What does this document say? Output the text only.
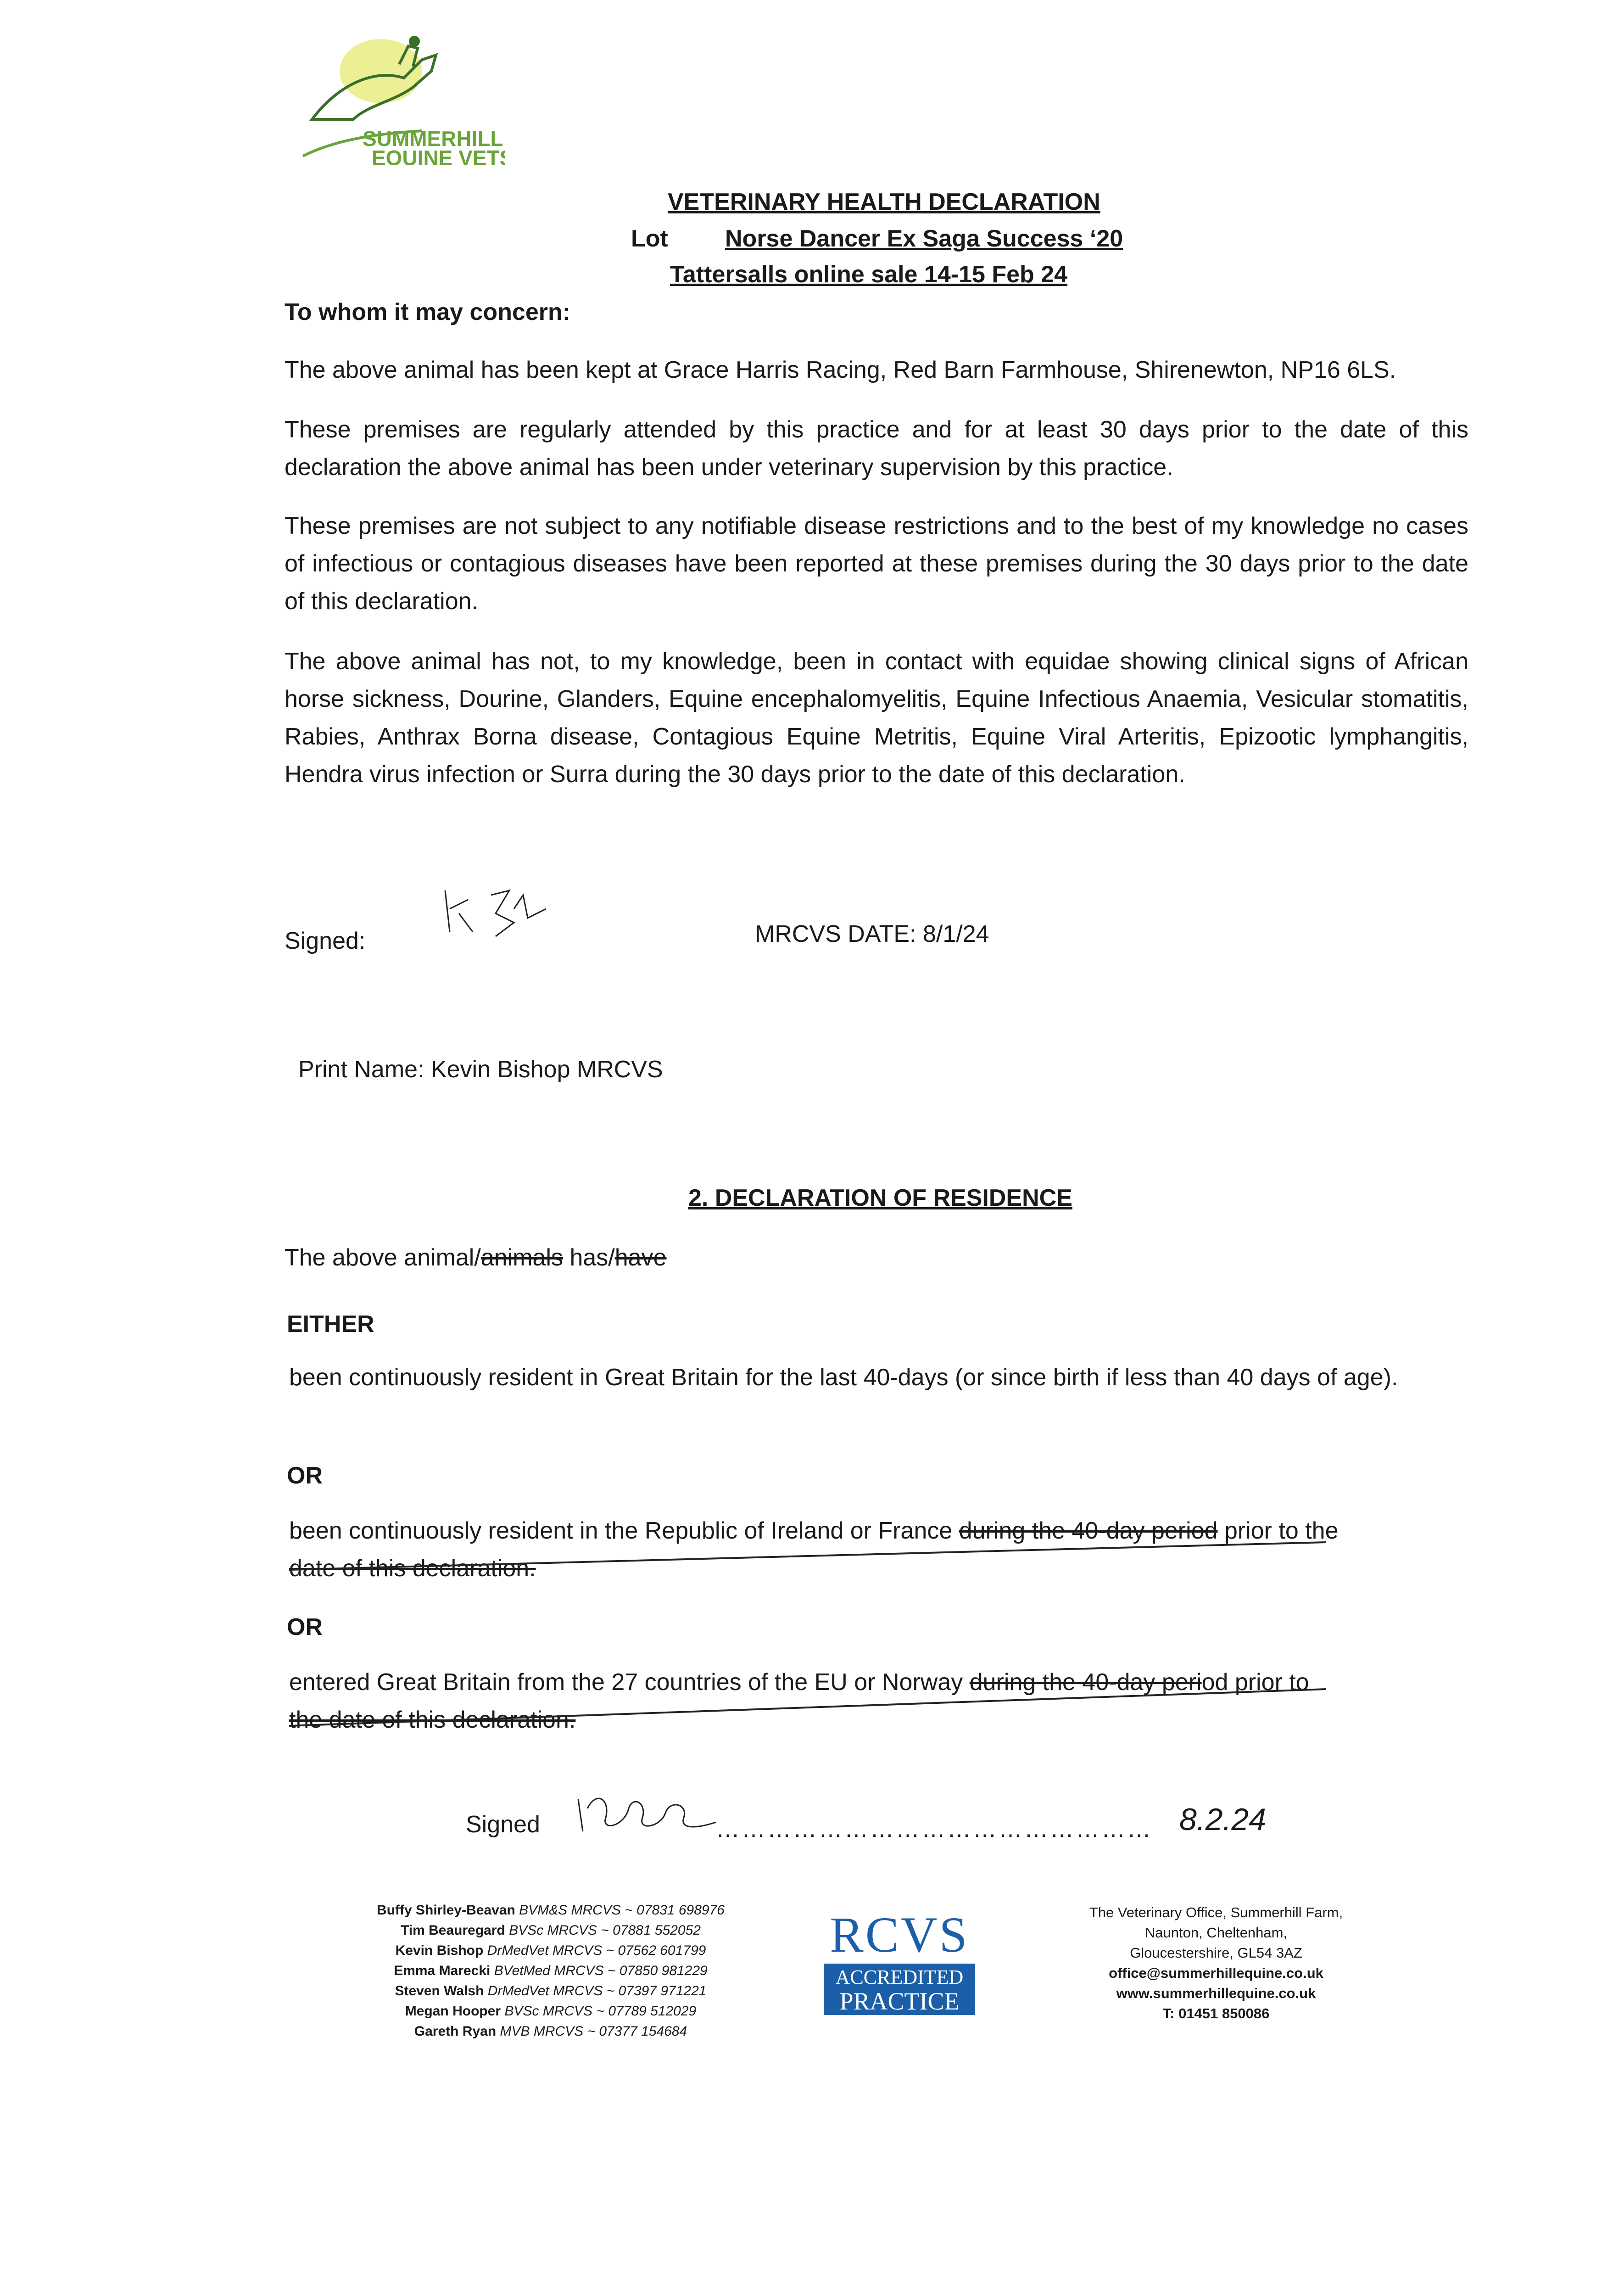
SUMMERHILL
EQUINE VETS
VETERINARY HEALTH DECLARATION
Lot Norse Dancer Ex Saga Success ‘20
Tattersalls online sale 14-15 Feb 24
To whom it may concern:
The above animal has been kept at Grace Harris Racing, Red Barn Farmhouse, Shirenewton, NP16 6LS.
These premises are regularly attended by this practice and for at least 30 days prior to the date of this declaration the above animal has been under veterinary supervision by this practice.
These premises are not subject to any notifiable disease restrictions and to the best of my knowledge no cases of infectious or contagious diseases have been reported at these premises during the 30 days prior to the date of this declaration.
The above animal has not, to my knowledge, been in contact with equidae showing clinical signs of African horse sickness, Dourine, Glanders, Equine encephalomyelitis, Equine Infectious Anaemia, Vesicular stomatitis, Rabies, Anthrax Borna disease, Contagious Equine Metritis, Equine Viral Arteritis, Epizootic lymphangitis, Hendra virus infection or Surra during the 30 days prior to the date of this declaration.
Signed:	MRCVS DATE: 8/1/24
Print Name: Kevin Bishop MRCVS
2. DECLARATION OF RESIDENCE
The above animal/animals has/have
EITHER
been continuously resident in Great Britain for the last 40-days (or since birth if less than 40 days of age).
OR
been continuously resident in the Republic of Ireland or France during the 40-day period prior to the
date of this declaration.
OR
entered Great Britain from the 27 countries of the EU or Norway during the 40-day period prior to
the date of this declaration.
Signed	…………………………………………… 8.2.24
Buffy Shirley-Beavan BVM&S MRCVS ~ 07831 698976
Tim Beauregard BVSc MRCVS ~ 07881 552052
Kevin Bishop DrMedVet MRCVS ~ 07562 601799
Emma Marecki BVetMed MRCVS ~ 07850 981229
Steven Walsh DrMedVet MRCVS ~ 07397 971221
Megan Hooper BVSc MRCVS ~ 07789 512029
Gareth Ryan MVB MRCVS ~ 07377 154684
RCVS
ACCREDITED
PRACTICE
The Veterinary Office, Summerhill Farm,
Naunton, Cheltenham,
Gloucestershire, GL54 3AZ
office@summerhillequine.co.uk
www.summerhillequine.co.uk
T: 01451 850086
